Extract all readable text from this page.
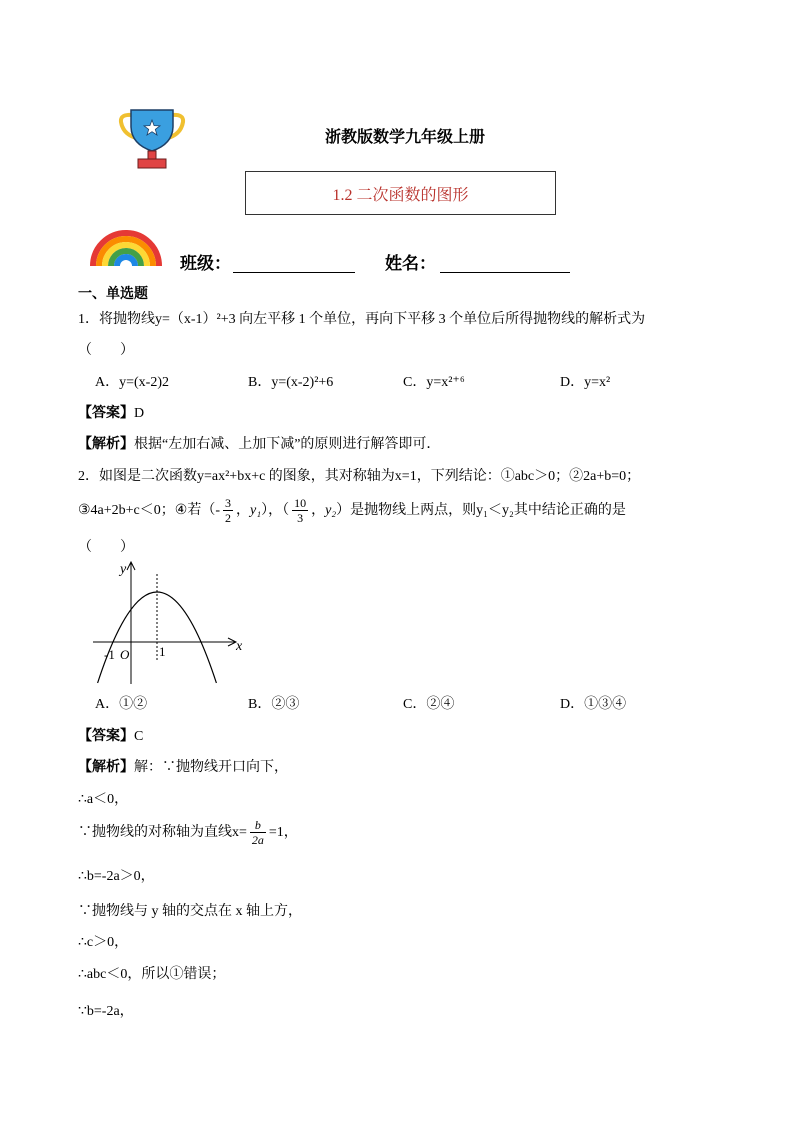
浙教版数学九年级上册
1.2 二次函数的图形
班级：	姓名：
一、单选题
1．将抛物线y=（x-1）²+3 向左平移 1 个单位，再向下平移 3 个单位后所得抛物线的解析式为
（　　）
A．y=(x-2)2	B．y=(x-2)²+6	C．y=x²⁺⁶	D．y=x²
【答案】D
【解析】根据“左加右减、上加下减”的原则进行解答即可．
2．如图是二次函数y=ax²+bx+c 的图象，其对称轴为x=1，下列结论：①abc＞0；②2a+b=0；
③4a+2b+c＜0；④若（- $\frac{3}{2}$ ，y₁），（ $\frac{10}{3}$ ，y₂）是抛物线上两点，则y₁＜y₂其中结论正确的是
（　　）
y
x
-1 O 1
A．①②	B．②③	C．②④	D．①③④
【答案】C
【解析】解：∵抛物线开口向下，
∴a＜0，
∵抛物线的对称轴为直线$x= \frac{b}{2a} =1$，
∴b=-2a＞0，
∵抛物线与 y 轴的交点在 x 轴上方，
∴c＞0，
∴abc＜0，所以①错误；
∵b=-2a，
